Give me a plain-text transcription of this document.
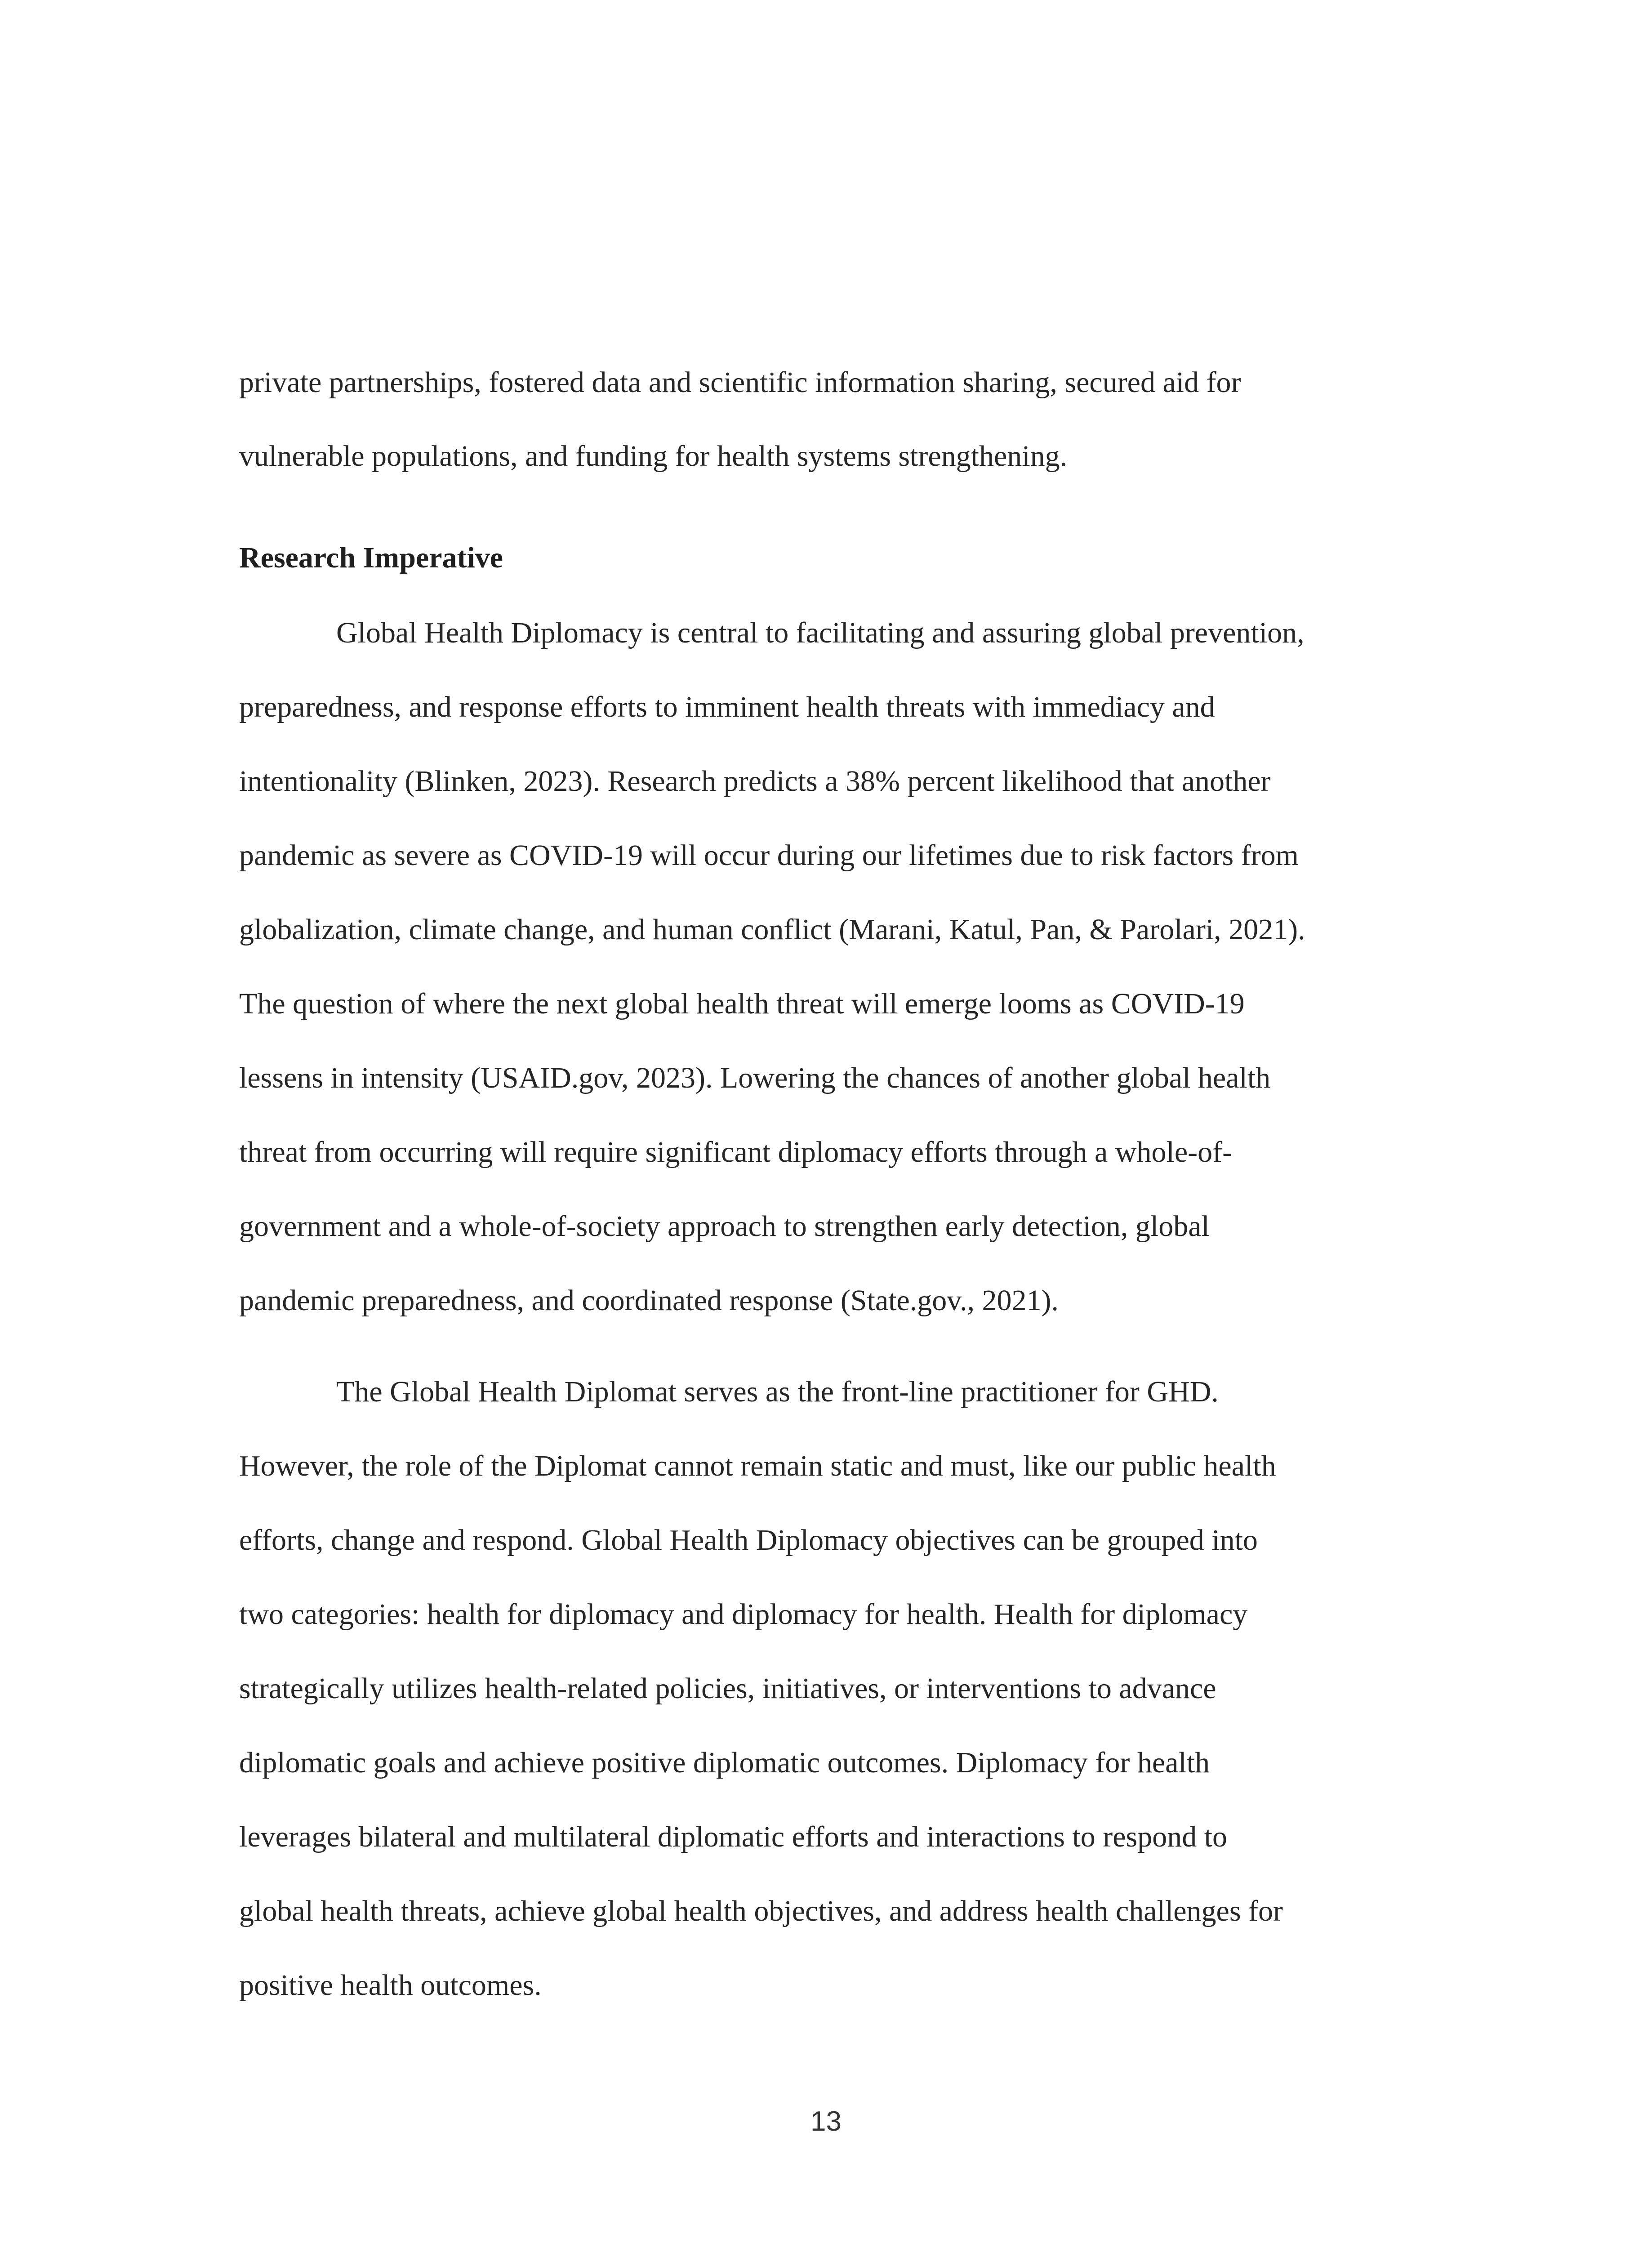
private partnerships, fostered data and scientific information sharing, secured aid for
vulnerable populations, and funding for health systems strengthening.
Research Imperative
Global Health Diplomacy is central to facilitating and assuring global prevention,
preparedness, and response efforts to imminent health threats with immediacy and
intentionality (Blinken, 2023). Research predicts a 38% percent likelihood that another
pandemic as severe as COVID-19 will occur during our lifetimes due to risk factors from
globalization, climate change, and human conflict (Marani, Katul, Pan, & Parolari, 2021).
The question of where the next global health threat will emerge looms as COVID-19
lessens in intensity (USAID.gov, 2023). Lowering the chances of another global health
threat from occurring will require significant diplomacy efforts through a whole-of-
government and a whole-of-society approach to strengthen early detection, global
pandemic preparedness, and coordinated response (State.gov., 2021).
The Global Health Diplomat serves as the front-line practitioner for GHD.
However, the role of the Diplomat cannot remain static and must, like our public health
efforts, change and respond. Global Health Diplomacy objectives can be grouped into
two categories: health for diplomacy and diplomacy for health. Health for diplomacy
strategically utilizes health-related policies, initiatives, or interventions to advance
diplomatic goals and achieve positive diplomatic outcomes. Diplomacy for health
leverages bilateral and multilateral diplomatic efforts and interactions to respond to
global health threats, achieve global health objectives, and address health challenges for
positive health outcomes.
13
